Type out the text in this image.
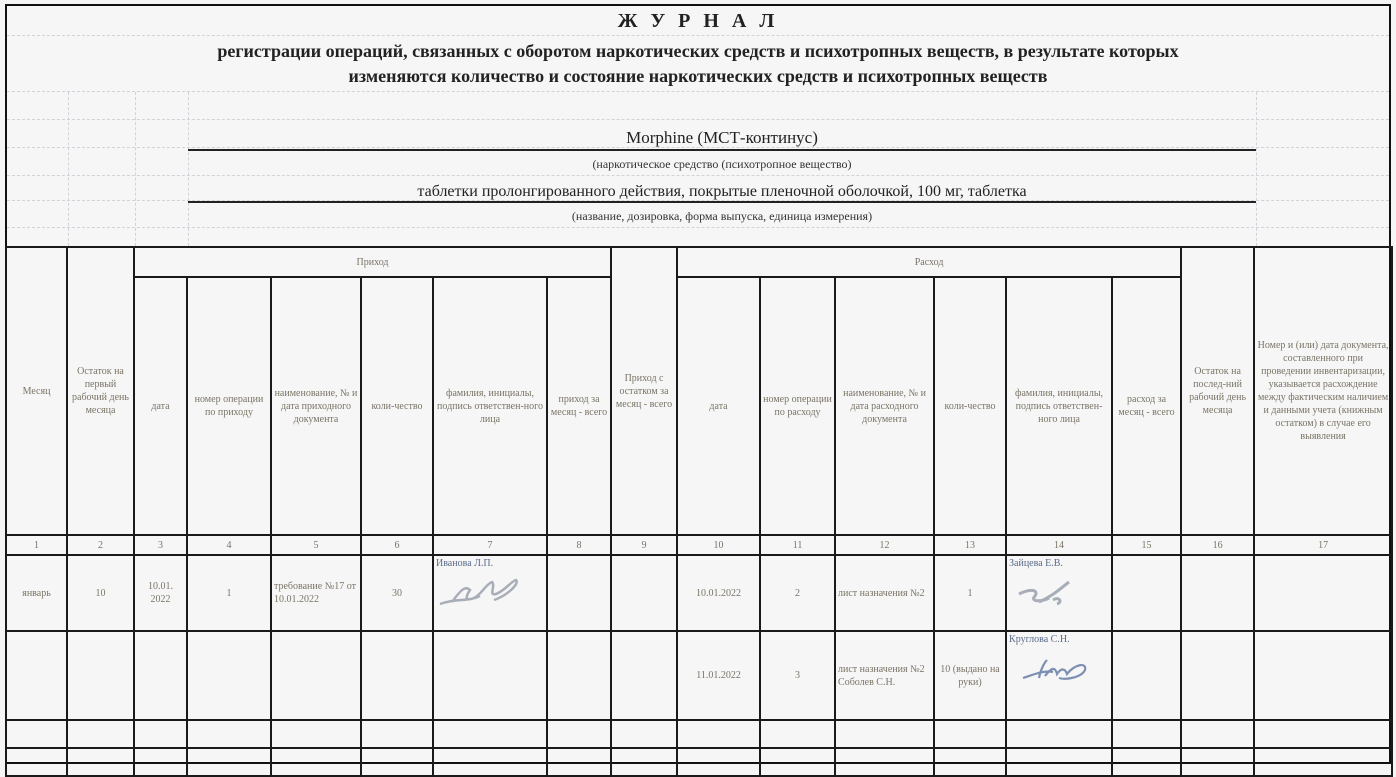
Ж У Р Н А Л
регистрации операций, связанных с оборотом наркотических средств и психотропных веществ, в результате которых
изменяются количество и состояние наркотических средств и психотропных веществ
Morphine (МСТ-континус)
(наркотическое средство (психотропное вещество)
таблетки пролонгированного действия, покрытые пленочной оболочкой, 100 мг, таблетка
(название, дозировка, форма выпуска, единица измерения)
Месяц	Остаток на первый рабочий день месяца	Приход						Приход с остатком за месяц - всего	Расход						Остаток на послед-ний рабочий день месяца	Номер и (или) дата документа, составленного при проведении инвентаризации, указывается расхождение между фактическим наличием и данными учета (книжным остатком) в случае его выявления
		дата	номер операции по приходу	наименование, № и дата приходного документа	коли-чество	фамилия, инициалы, подпись ответствен-ного лица	приход за месяц - всего		дата	номер операции по расходу	наименование, № и дата расходного документа	коли-чество	фамилия, инициалы, подпись ответствен-ного лица	расход за месяц - всего		
1	2	3	4	5	6	7	8	9	10	11	12	13	14	15	16	17
январь	10	10.01. 2022	1	требование №17 от 10.01.2022	30	Иванова Л.П.			10.01.2022	2	лист назначения №2	1	Зайцева Е.В.

									11.01.2022	3	лист назначения №2 Соболев С.Н.	10 (выдано на руки)	Круглова С.Н.
